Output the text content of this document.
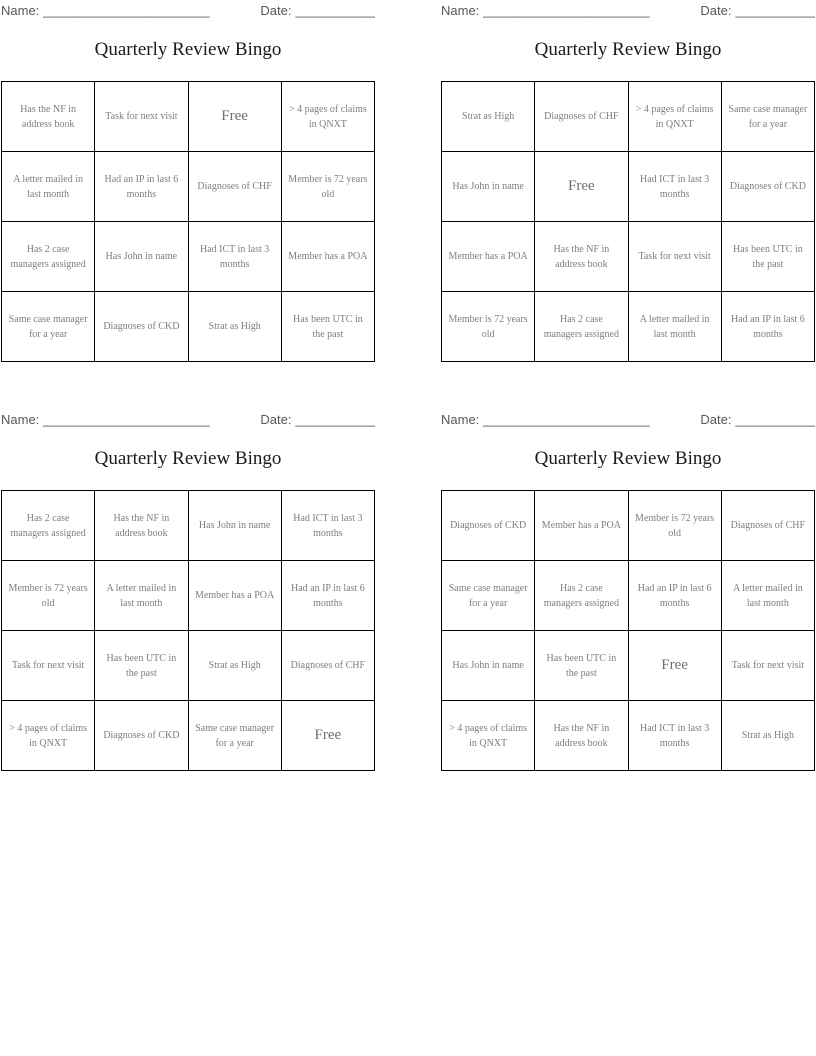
Name: _______________________	Date: ___________
Quarterly Review Bingo
Has the NF in address book	Task for next visit	Free	> 4 pages of claims in QNXT
A letter mailed in last month	Had an IP in last 6 months	Diagnoses of CHF	Member is 72 years old
Has 2 case managers assigned	Has John in name	Had ICT in last 3 months	Member has a POA
Same case manager for a year	Diagnoses of CKD	Strat as High	Has been UTC in the past
Name: _______________________	Date: ___________
Quarterly Review Bingo
Strat as High	Diagnoses of CHF	> 4 pages of claims in QNXT	Same case manager for a year
Has John in name	Free	Had ICT in last 3 months	Diagnoses of CKD
Member has a POA	Has the NF in address book	Task for next visit	Has been UTC in the past
Member is 72 years old	Has 2 case managers assigned	A letter mailed in last month	Had an IP in last 6 months
Name: _______________________	Date: ___________
Quarterly Review Bingo
Has 2 case managers assigned	Has the NF in address book	Has John in name	Had ICT in last 3 months
Member is 72 years old	A letter mailed in last month	Member has a POA	Had an IP in last 6 months
Task for next visit	Has been UTC in the past	Strat as High	Diagnoses of CHF
> 4 pages of claims in QNXT	Diagnoses of CKD	Same case manager for a year	Free
Name: _______________________	Date: ___________
Quarterly Review Bingo
Diagnoses of CKD	Member has a POA	Member is 72 years old	Diagnoses of CHF
Same case manager for a year	Has 2 case managers assigned	Had an IP in last 6 months	A letter mailed in last month
Has John in name	Has been UTC in the past	Free	Task for next visit
> 4 pages of claims in QNXT	Has the NF in address book	Had ICT in last 3 months	Strat as High
